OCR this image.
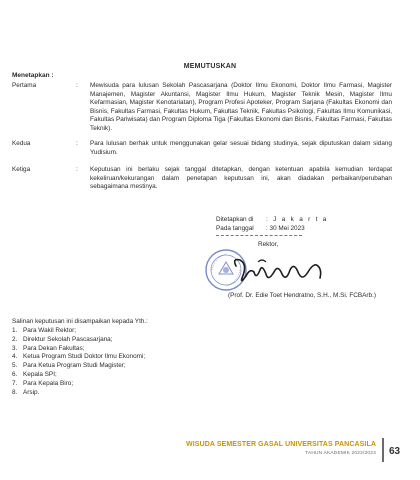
MEMUTUSKAN
Menetapkan :
Pertama	: Mewisuda para lulusan Sekolah Pascasarjana (Doktor Ilmu Ekonomi, Doktor Ilmu Farmasi, Magister Manajemen, Magister Akuntansi, Magister Ilmu Hukum, Magister Teknik Mesin, Magister Ilmu Kefarmasian, Magister Kenotariatan), Program Profesi Apoteker, Program Sarjana (Fakultas Ekonomi dan Bisnis, Fakultas Farmasi, Fakultas Hukum, Fakultas Teknik, Fakultas Psikologi, Fakultas Ilmu Komunikasi, Fakultas Pariwisata) dan Program Diploma Tiga (Fakultas Ekonomi dan Bisnis, Fakultas Farmasi, Fakultas Teknik).
Kedua	: Para lulusan berhak untuk menggunakan gelar sesuai bidang studinya, sejak diputuskan dalam sidang Yudisium.
Ketiga	: Keputusan ini berlaku sejak tanggal ditetapkan, dengan ketentuan apabila kemudian terdapat kekeliruan/kekurangan dalam penetapan keputusan ini, akan diadakan perbaikan/perubahan sebagaimana mestinya.
Ditetapkan di : J a k a r t a
Pada tanggal : 30 Mei 2023
Rektor,
(Prof. Dr. Edie Toet Hendratno, S.H., M.Si. FCBArb.)
Salinan keputusan ini disampaikan kepada Yth.:
1. Para Wakil Rektor;
2. Direktur Sekolah Pascasarjana;
3. Para Dekan Fakultas;
4. Ketua Program Studi Doktor Ilmu Ekonomi;
5. Para Ketua Program Studi Magister;
6. Kepala SPI;
7. Para Kepala Biro;
8. Arsip.
WISUDA SEMESTER GASAL UNIVERSITAS PANCASILA
TAHUN AKADEMIK 2022/2023 63
